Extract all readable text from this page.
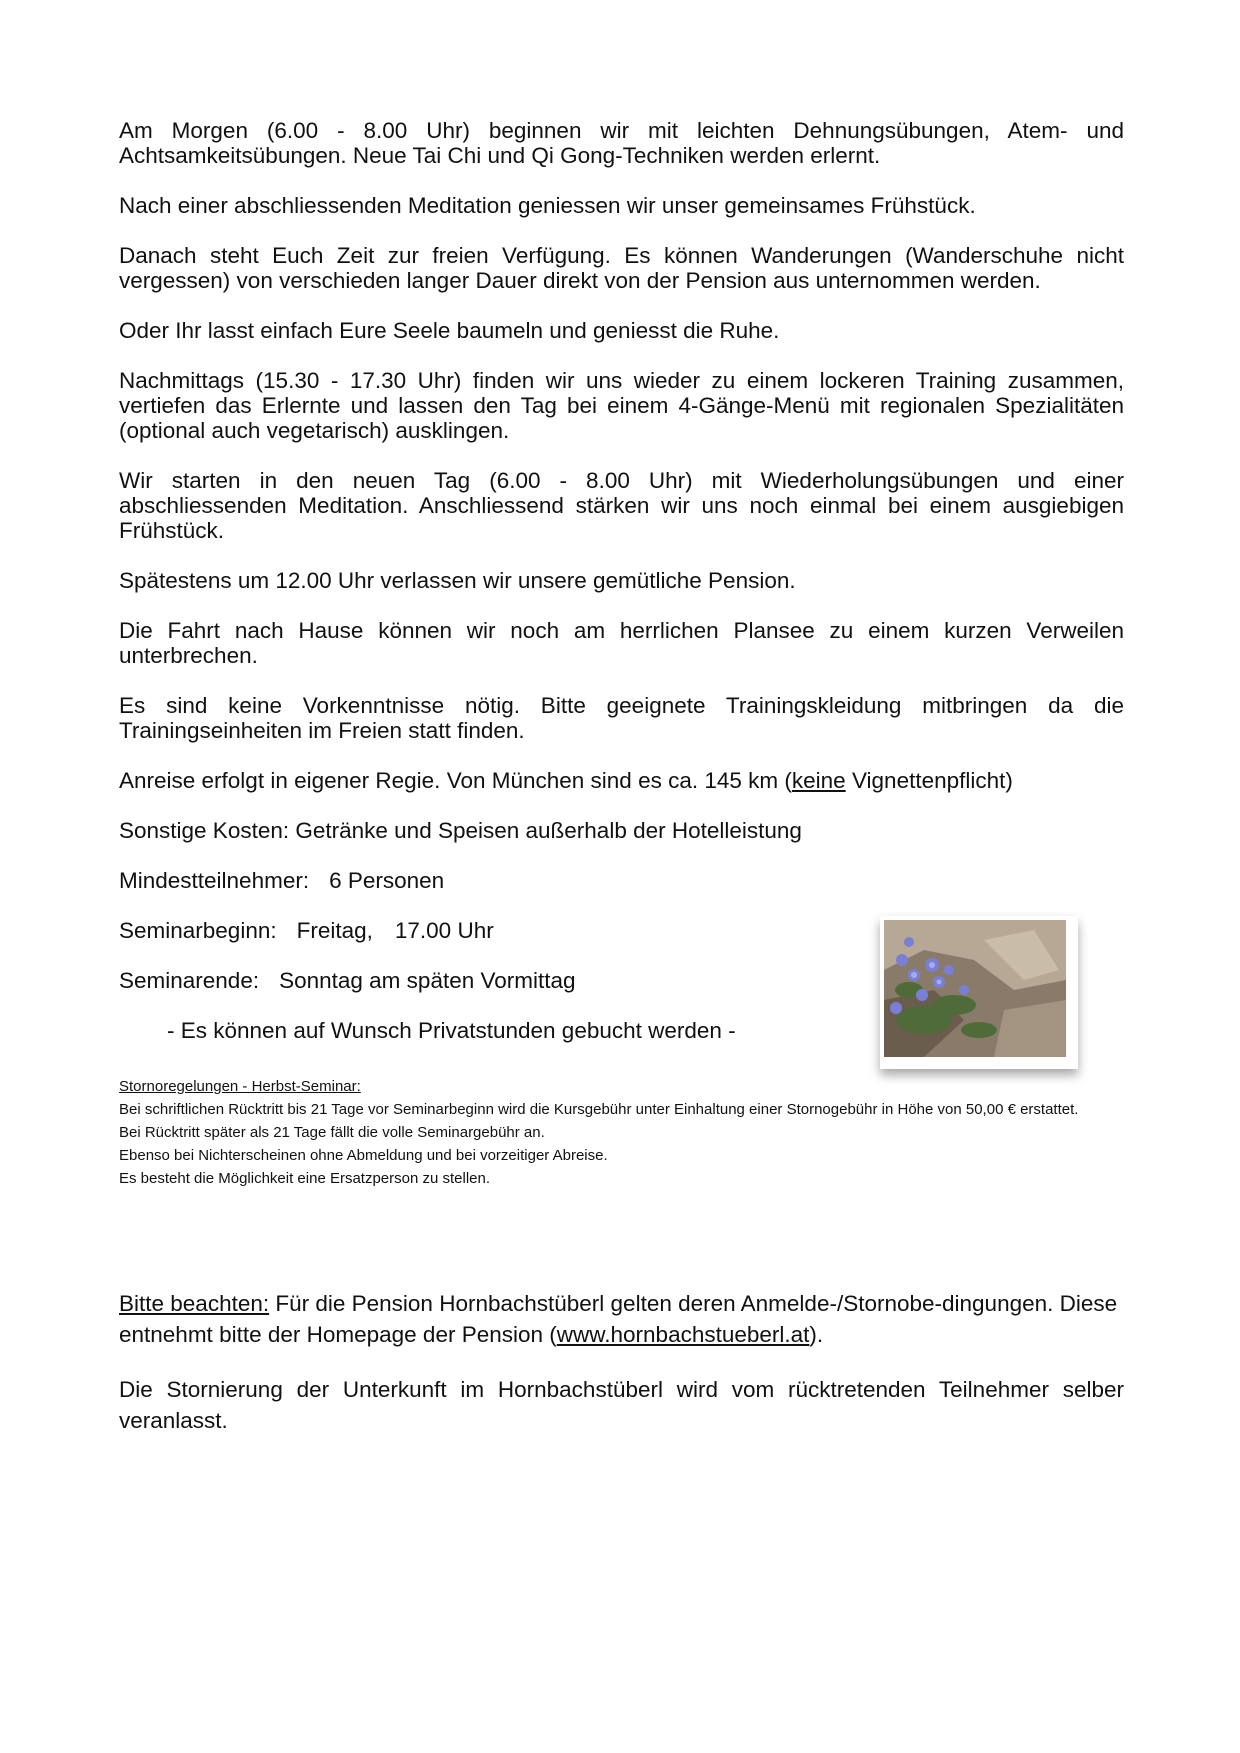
Am Morgen (6.00 - 8.00 Uhr) beginnen wir mit leichten Dehnungsübungen, Atem- und Achtsamkeitsübungen. Neue Tai Chi und Qi Gong-Techniken werden erlernt.

Nach einer abschliessenden Meditation geniessen wir unser gemeinsames Frühstück.

Danach steht Euch Zeit zur freien Verfügung. Es können Wanderungen (Wanderschuhe nicht vergessen) von verschieden langer Dauer direkt von der Pension aus unternommen werden.

Oder Ihr lasst einfach Eure Seele baumeln und geniesst die Ruhe.

Nachmittags (15.30 - 17.30 Uhr) finden wir uns wieder zu einem lockeren Training zusammen, vertiefen das Erlernte und lassen den Tag bei einem 4-Gänge-Menü mit regionalen Spezialitäten (optional auch vegetarisch) ausklingen.

Wir starten in den neuen Tag (6.00 - 8.00 Uhr) mit Wiederholungsübungen und einer abschliessenden Meditation. Anschliessend stärken wir uns noch einmal bei einem ausgiebigen Frühstück.

Spätestens um 12.00 Uhr verlassen wir unsere gemütliche Pension.

Die Fahrt nach Hause können wir noch am herrlichen Plansee zu einem kurzen Verweilen unterbrechen.

Es sind keine Vorkenntnisse nötig. Bitte geeignete Trainingskleidung mitbringen da die Trainingseinheiten im Freien statt finden.

Anreise erfolgt in eigener Regie. Von München sind es ca. 145 km (keine Vignettenpflicht)

Sonstige Kosten: Getränke und Speisen außerhalb der Hotelleistung

Mindestteilnehmer: 6 Personen

Seminarbeginn: Freitag, 17.00 Uhr

Seminarende: Sonntag am späten Vormittag

- Es können auf Wunsch Privatstunden gebucht werden -

Stornoregelungen - Herbst-Seminar:

Bei schriftlichen Rücktritt bis 21 Tage vor Seminarbeginn wird die Kursgebühr unter Einhaltung einer Stornogebühr in Höhe von 50,00 € erstattet.

Bei Rücktritt später als 21 Tage fällt die volle Seminargebühr an.

Ebenso bei Nichterscheinen ohne Abmeldung und bei vorzeitiger Abreise.

Es besteht die Möglichkeit eine Ersatzperson zu stellen.

Bitte beachten: Für die Pension Hornbachstüberl gelten deren Anmelde-/Stornobe-dingungen. Diese entnehmt bitte der Homepage der Pension (www.hornbachstueberl.at).

Die Stornierung der Unterkunft im Hornbachstüberl wird vom rücktretenden Teilnehmer selber veranlasst.
